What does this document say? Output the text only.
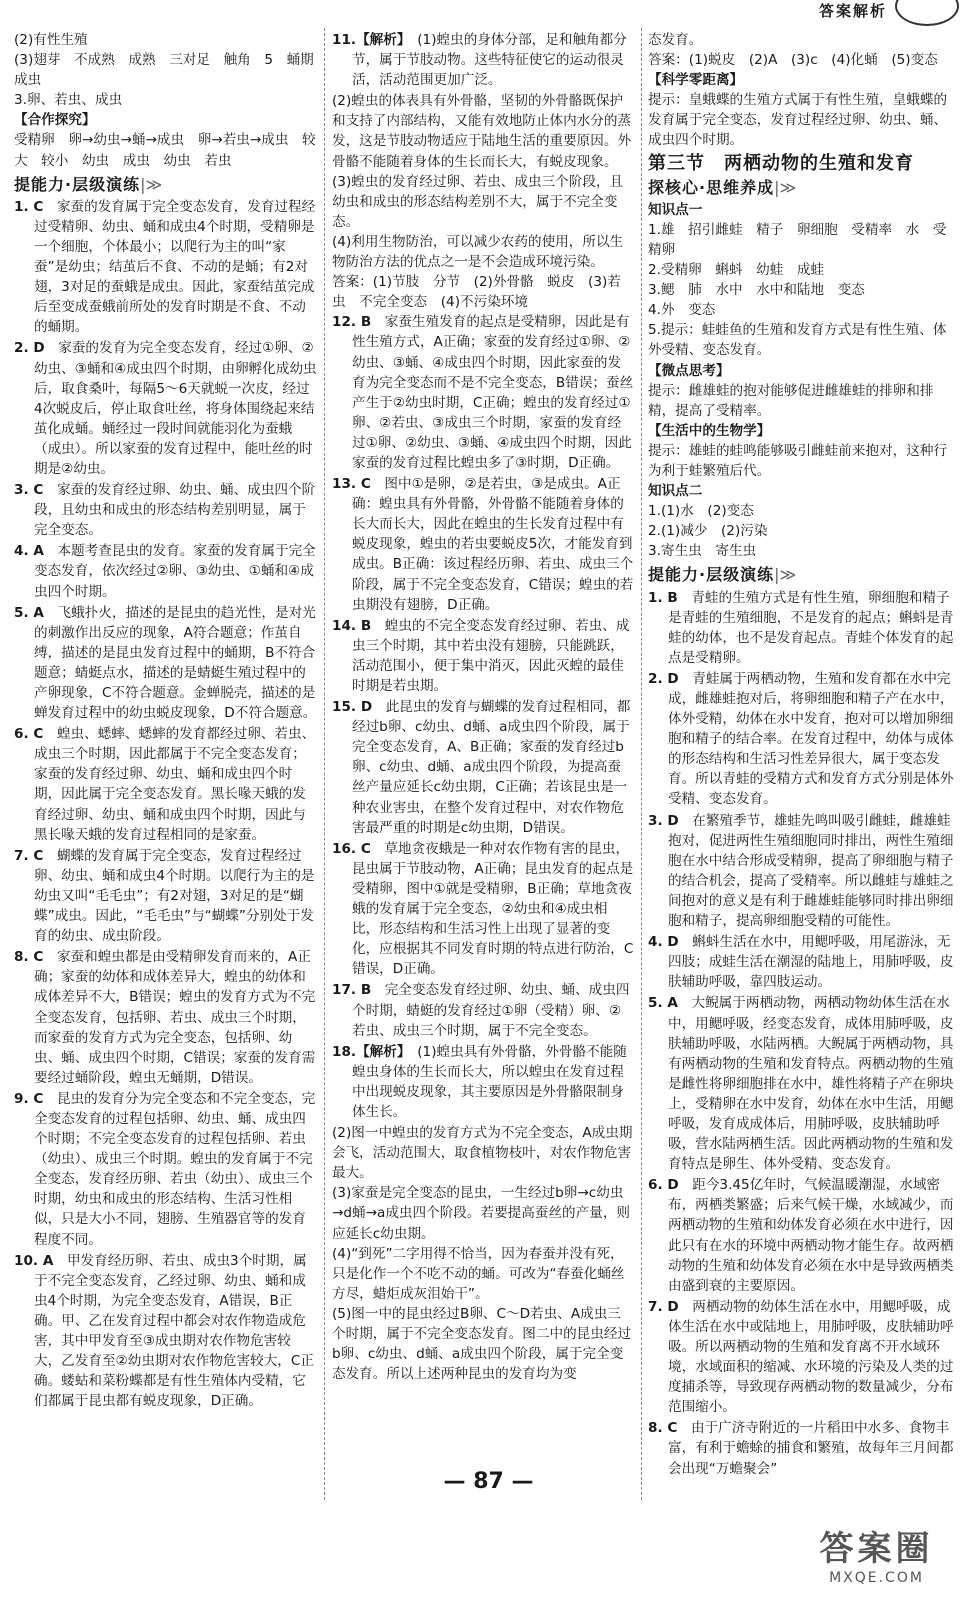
答案解析
(2)有性生殖
(3)翅芽　不成熟　成熟　三对足　触角　5　蛹期　成虫
3.卵、若虫、成虫
【合作探究】
受精卵　卵→幼虫→蛹→成虫　卵→若虫→成虫　较大　较小　幼虫　成虫　幼虫　若虫
提能力·层级演练|≫
1. C　 家蚕的发育属于完全变态发育，发育过程经过受精卵、幼虫、蛹和成虫4个时期，受精卵是一个细胞，个体最小；以爬行为主的叫“家蚕”是幼虫；结茧后不食、不动的是蛹；有2对翅，3对足的蚕蛾是成虫。因此，家蚕结茧完成后至变成蚕蛾前所处的发育时期是不食、不动的蛹期。
2. D　 家蚕的发育为完全变态发育，经过①卵、②幼虫、③蛹和④成虫四个时期，由卵孵化成幼虫后，取食桑叶，每隔5～6天就蜕一次皮，经过4次蜕皮后，停止取食吐丝，将身体围绕起来结茧化成蛹。蛹经过一段时间就能羽化为蚕蛾（成虫）。所以家蚕的发育过程中，能吐丝的时期是②幼虫。
3. C　 家蚕的发育经过卵、幼虫、蛹、成虫四个阶段，且幼虫和成虫的形态结构差别明显，属于完全变态。
4. A　 本题考查昆虫的发育。家蚕的发育属于完全变态发育，依次经过②卵、③幼虫、①蛹和④成虫四个时期。
5. A　 飞蛾扑火，描述的是昆虫的趋光性，是对光的刺激作出反应的现象，A符合题意；作茧自缚，描述的是昆虫发育过程中的蛹期，B不符合题意；蜻蜓点水，描述的是蜻蜓生殖过程中的产卵现象，C不符合题意。金蝉脱壳，描述的是蝉发育过程中的幼虫蜕皮现象，D不符合题意。
6. C　 蝗虫、蟋蟀、蟋蟀的发育都经过卵、若虫、成虫三个时期，因此都属于不完全变态发育；家蚕的发育经过卵、幼虫、蛹和成虫四个时期，因此属于完全变态发育。黑长喙天蛾的发育经过卵、幼虫、蛹和成虫四个时期，因此与黑长喙天蛾的发育过程相同的是家蚕。
7. C　 蝴蝶的发育属于完全变态，发育过程经过卵、幼虫、蛹和成虫4个时期。以爬行为主的是幼虫又叫“毛毛虫”；有2对翅，3对足的是“蝴蝶”成虫。因此，“毛毛虫”与“蝴蝶”分别处于发育的幼虫、成虫阶段。
8. C　 家蚕和蝗虫都是由受精卵发育而来的，A正确；家蚕的幼体和成体差异大，蝗虫的幼体和成体差异不大，B错误；蝗虫的发育方式为不完全变态发育，包括卵、若虫、成虫三个时期，而家蚕的发育方式为完全变态，包括卵、幼虫、蛹、成虫四个时期，C错误；家蚕的发育需要经过蛹阶段，蝗虫无蛹期，D错误。
9. C　 昆虫的发育分为完全变态和不完全变态，完全变态发育的过程包括卵、幼虫、蛹、成虫四个时期；不完全变态发育的过程包括卵、若虫（幼虫）、成虫三个时期。蝗虫的发育属于不完全变态，发育经历卵、若虫（幼虫）、成虫三个时期，幼虫和成虫的形态结构、生活习性相似，只是大小不同，翅膀、生殖器官等的发育程度不同。
10. A　 甲发育经历卵、若虫、成虫3个时期，属于不完全变态发育，乙经过卵、幼虫、蛹和成虫4个时期，为完全变态发育，A错误，B正确。甲、乙在发育过程中都会对农作物造成危害，其中甲发育至③成虫期对农作物危害较大，乙发育至②幼虫期对农作物危害较大，C正确。蝼蛄和菜粉蝶都是有性生殖体内受精，它们都属于昆虫都有蜕皮现象，D正确。
11.【解析】　 (1)蝗虫的身体分部，足和触角都分节，属于节肢动物。这些特征使它的运动很灵活，活动范围更加广泛。
(2)蝗虫的体表具有外骨骼，坚韧的外骨骼既保护和支持了内部结构，又能有效地防止体内水分的蒸发，这是节肢动物适应于陆地生活的重要原因。外骨骼不能随着身体的生长而长大，有蜕皮现象。
(3)蝗虫的发育经过卵、若虫、成虫三个阶段，且幼虫和成虫的形态结构差别不大，属于不完全变态。
(4)利用生物防治，可以减少农药的使用，所以生物防治方法的优点之一是不会造成环境污染。
答案：(1)节肢　分节　(2)外骨骼　蜕皮　(3)若虫　不完全变态　(4)不污染环境
12. B　 家蚕生殖发育的起点是受精卵，因此是有性生殖方式，A正确；家蚕的发育经过①卵、②幼虫、③蛹、④成虫四个时期，因此家蚕的发育为完全变态而不是不完全变态，B错误；蚕丝产生于②幼虫时期，C正确；蝗虫的发育经过①卵、②若虫、③成虫三个时期，家蚕的发育经过①卵、②幼虫、③蛹、④成虫四个时期，因此家蚕的发育过程比蝗虫多了③时期，D正确。
13. C　 图中①是卵，②是若虫，③是成虫。A正确：蝗虫具有外骨骼，外骨骼不能随着身体的长大而长大，因此在蝗虫的生长发育过程中有蜕皮现象，蝗虫的若虫要蜕皮5次，才能发育到成虫。B正确：该过程经历卵、若虫、成虫三个阶段，属于不完全变态发育，C错误；蝗虫的若虫期没有翅膀，D正确。
14. B　 蝗虫的不完全变态发育经过卵、若虫、成虫三个时期，其中若虫没有翅膀，只能跳跃，活动范围小，便于集中消灭，因此灭蝗的最佳时期是若虫期。
15. D　 此昆虫的发育与蝴蝶的发育过程相同，都经过b卵、c幼虫、d蛹、a成虫四个阶段，属于完全变态发育，A、B正确；家蚕的发育经过b卵、c幼虫、d蛹、a成虫四个阶段，为提高蚕丝产量应延长c幼虫期，C正确；若该昆虫是一种农业害虫，在整个发育过程中，对农作物危害最严重的时期是c幼虫期，D错误。
16. C　 草地贪夜蛾是一种对农作物有害的昆虫，昆虫属于节肢动物，A正确；昆虫发育的起点是受精卵，图中①就是受精卵，B正确；草地贪夜蛾的发育属于完全变态，②幼虫和④成虫相比，形态结构和生活习性上出现了显著的变化，应根据其不同发育时期的特点进行防治，C错误，D正确。
17. B　 完全变态发育经过卵、幼虫、蛹、成虫四个时期，蜻蜓的发育经过①卵（受精）卵、②若虫、成虫三个时期，属于不完全变态。
18.【解析】　 (1)蝗虫具有外骨骼，外骨骼不能随蝗虫身体的生长而长大，所以蝗虫在发育过程中出现蜕皮现象，其主要原因是外骨骼限制身体生长。
(2)图一中蝗虫的发育方式为不完全变态，A成虫期会飞，活动范围大，取食植物枝叶，对农作物危害最大。
(3)家蚕是完全变态的昆虫，一生经过b卵→c幼虫→d蛹→a成虫四个阶段。若要提高蚕丝的产量，则应延长c幼虫期。
(4)“到死”二字用得不恰当，因为春蚕并没有死，只是化作一个不吃不动的蛹。可改为“春蚕化蛹丝方尽，蜡炬成灰泪始干”。
(5)图一中的昆虫经过B卵、C～D若虫、A成虫三个时期，属于不完全变态发育。图二中的昆虫经过b卵、c幼虫、d蛹、a成虫四个阶段，属于完全变态发育。所以上述两种昆虫的发育均为变
态发育。
答案：(1)蜕皮　(2)A　(3)c　(4)化蛹　(5)变态
【科学零距离】
提示：皇蛾蝶的生殖方式属于有性生殖，皇蛾蝶的发育属于完全变态，发育过程经过卵、幼虫、蛹、成虫四个时期。
第三节　两栖动物的生殖和发育
探核心·思维养成|≫
知识点一
1.雄　招引雌蛙　精子　卵细胞　受精率　水　受精卵
2.受精卵　蝌蚪　幼蛙　成蛙
3.鳃　肺　水中　水中和陆地　变态
4.外　变态
5.提示：蛙蛙鱼的生殖和发育方式是有性生殖、体外受精、变态发育。
【微点思考】
提示：雌雄蛙的抱对能够促进雌雄蛙的排卵和排精，提高了受精率。
【生活中的生物学】
提示：雄蛙的蛙鸣能够吸引雌蛙前来抱对，这种行为利于蛙繁殖后代。
知识点二
1.(1)水　(2)变态
2.(1)减少　(2)污染
3.寄生虫　寄生虫
提能力·层级演练|≫
1. B　 青蛙的生殖方式是有性生殖，卵细胞和精子是青蛙的生殖细胞，不是发育的起点；蝌蚪是青蛙的幼体，也不是发育起点。青蛙个体发育的起点是受精卵。
2. D　 青蛙属于两栖动物，生殖和发育都在水中完成，雌雄蛙抱对后，将卵细胞和精子产在水中，体外受精，幼体在水中发育，抱对可以增加卵细胞和精子的结合率。在发育过程中，幼体与成体的形态结构和生活习性差异很大，属于变态发育。所以青蛙的受精方式和发育方式分别是体外受精、变态发育。
3. D　 在繁殖季节，雄蛙先鸣叫吸引雌蛙，雌雄蛙抱对，促进两性生殖细胞同时排出，两性生殖细胞在水中结合形成受精卵，提高了卵细胞与精子的结合机会，提高了受精率。所以雌蛙与雄蛙之间抱对的意义是有利于雌雄蛙能够同时排出卵细胞和精子，提高卵细胞受精的可能性。
4. D　 蝌蚪生活在水中，用鳃呼吸，用尾游泳，无四肢；成蛙生活在潮湿的陆地上，用肺呼吸，皮肤辅助呼吸，靠四肢运动。
5. A　 大鲵属于两栖动物，两栖动物幼体生活在水中，用鳃呼吸，经变态发育，成体用肺呼吸，皮肤辅助呼吸，水陆两栖。大鲵属于两栖动物，具有两栖动物的生殖和发育特点。两栖动物的生殖是雌性将卵细胞排在水中，雄性将精子产在卵块上，受精卵在水中发育，幼体在水中生活，用鳃呼吸，发育成成体后，用肺呼吸，皮肤辅助呼吸，营水陆两栖生活。因此两栖动物的生殖和发育特点是卵生、体外受精、变态发育。
6. D　 距今3.45亿年时，气候温暖潮湿，水域密布，两栖类繁盛；后来气候干燥，水域减少，而两栖动物的生殖和幼体发育必须在水中进行，因此只有在水的环境中两栖动物才能生存。故两栖动物的生殖和幼体发育必须在水中是导致两栖类由盛到衰的主要原因。
7. D　 两栖动物的幼体生活在水中，用鳃呼吸，成体生活在水中或陆地上，用肺呼吸，皮肤辅助呼吸。所以两栖动物的生殖和发育离不开水域环境，水域面积的缩减、水环境的污染及人类的过度捕杀等，导致现存两栖动物的数量减少，分布范围缩小。
8. C　 由于广济寺附近的一片稻田中水多、食物丰富，有利于蟾蜍的捕食和繁殖，故每年三月间都会出现“万蟾聚会”
— 87 —
答案圈
MXQE.COM
